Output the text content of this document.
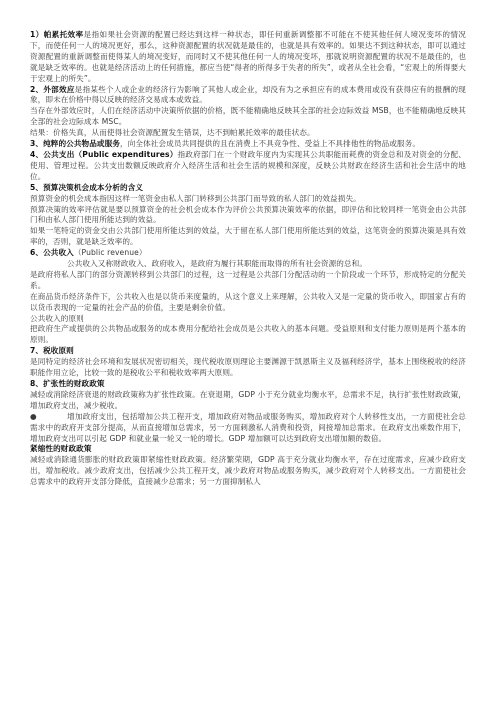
1）帕累托效率是指如果社会资源的配置已经达到这样一种状态，即任何重新调整都不可能在不使其他任何人境况变坏的情况下，而使任何一人的境况更好，那么，这种资源配置的状况就是最佳的，也就是具有效率的。如果达不到这种状态，即可以通过资源配置的重新调整而使得某人的境况变好，而同时又不使其他任何一人的境况变坏，那就说明资源配置的状况不是最佳的，也就是缺乏效率的。也就是经济活动上的任何措施，都应当使“得者的所得多于失者的所失”，或者从全社会看，“宏观上的所得要大于宏观上的所失”。

2、外部效应是指某些个人或企业的经济行为影响了其他人或企业，却没有为之承担应有的成本费用或没有获得应有的报酬的现象，即未在价格中得以反映的经济交易成本或效益。

当存在外部效应时，人们在经济活动中决策所依据的价格，既不能精确地反映其全部的社会边际效益 MSB，也不能精确地反映其全部的社会边际成本 MSC。

结果：价格失真，从而使得社会资源配置发生错误，达不到帕累托效率的最佳状态。

3、纯粹的公共物品或服务，向全体社会成员共同提供的且在消费上不具竞争性、受益上不具排他性的物品或服务。

4、公共支出（Public expenditures）指政府部门在一个财政年度内为实现其公共职能而耗费的资金总和及对资金的分配、使用、管理过程。公共支出数额反映政府介入经济生活和社会生活的规模和深度，反映公共财政在经济生活和社会生活中的地位。

5、预算决策机会成本分析的含义

预算资金的机会成本指因这样一笔资金由私人部门转移到公共部门而导致的私人部门的效益损失。

预算决策的效率评估就是要以预算资金的社会机会成本作为评价公共预算决策效率的依据，即评估和比较同样一笔资金由公共部门和由私人部门使用所能达到的效益。

如果一笔特定的资金交由公共部门使用所能达到的效益，大于留在私人部门使用所能达到的效益，这笔资金的预算决策是具有效率的，否则，就是缺乏效率的。

6、公共收入（Public revenue）

公共收入又称财政收入、政府收入，是政府为履行其职能而取得的所有社会资源的总和。

是政府将私人部门的部分资源转移到公共部门的过程，这一过程是公共部门分配活动的一个阶段或一个环节，形成特定的分配关系。

在商品货币经济条件下，公共收入也是以货币来度量的，从这个意义上来理解，公共收入又是一定量的货币收入，即国家占有的以货币表现的一定量的社会产品的价值，主要是剩余价值。

公共收入的原则

把政府生产或提供的公共物品或服务的成本费用分配给社会成员是公共收入的基本问题。受益原则和支付能力原则是两个基本的原则。

7、税收原则

是同特定的经济社会环境和发展状况密切相关，现代税收原则理论主要渊源于凯恩斯主义及福利经济学，基本上围绕税收的经济职能作用立论，比较一致的是税收公平和税收效率两大原则。

8、扩张性的财政政策

减轻或消除经济衰退的财政政策称为扩张性政策。在衰退期，GDP 小于充分就业均衡水平，总需求不足，执行扩张性财政政策，增加政府支出，减少税收。

●	增加政府支出，包括增加公共工程开支，增加政府对物品或服务购买，增加政府对个人转移性支出，一方面使社会总需求中的政府开支部分提高，从而直接增加总需求，另一方面刺激私人消费和投资，间接增加总需求。在政府支出乘数作用下，增加政府支出可以引起 GDP 和就业量一轮又一轮的增长。GDP 增加额可以达到政府支出增加额的数倍。

紧缩性的财政政策

减轻或消除通货膨胀的财政政策即紧缩性财政政策。经济繁荣期，GDP 高于充分就业均衡水平，存在过度需求，应减少政府支出，增加税收。减少政府支出，包括减少公共工程开支，减少政府对物品或服务购买，减少政府对个人转移支出。一方面使社会总需求中的政府开支部分降低，直接减少总需求；另一方面抑制私人
